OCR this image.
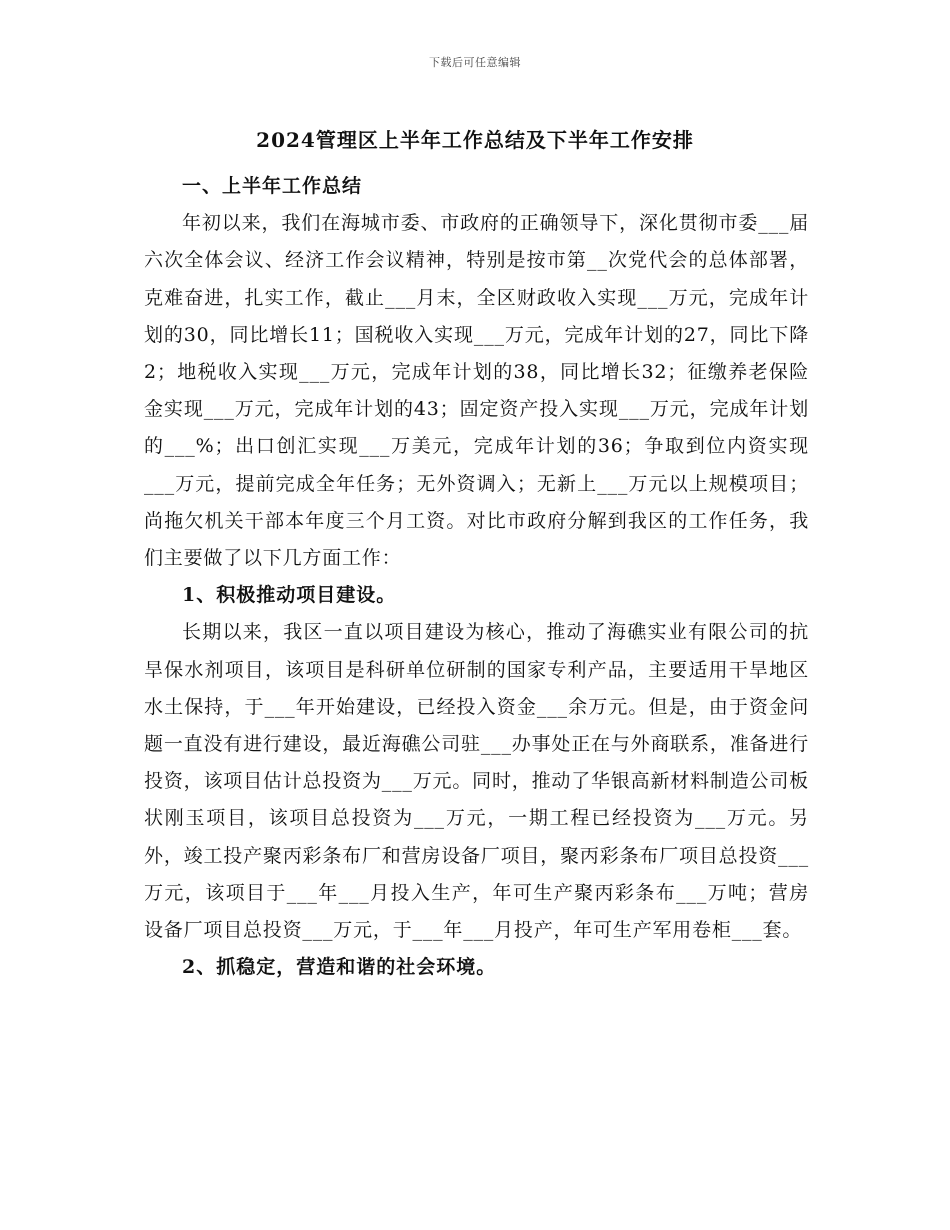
下载后可任意编辑
2024管理区上半年工作总结及下半年工作安排
一、上半年工作总结

年初以来，我们在海城市委、市政府的正确领导下，深化贯彻市委___届六次全体会议、经济工作会议精神，特别是按市第__次党代会的总体部署，克难奋进，扎实工作，截止___月末，全区财政收入实现___万元，完成年计划的30，同比增长11；国税收入实现___万元，完成年计划的27，同比下降2；地税收入实现___万元，完成年计划的38，同比增长32；征缴养老保险金实现___万元，完成年计划的43；固定资产投入实现___万元，完成年计划的___%；出口创汇实现___万美元，完成年计划的36；争取到位内资实现___万元，提前完成全年任务；无外资调入；无新上___万元以上规模项目；尚拖欠机关干部本年度三个月工资。对比市政府分解到我区的工作任务，我们主要做了以下几方面工作：

1、积极推动项目建设。

长期以来，我区一直以项目建设为核心，推动了海礁实业有限公司的抗旱保水剂项目，该项目是科研单位研制的国家专利产品，主要适用干旱地区水土保持，于___年开始建设，已经投入资金___余万元。但是，由于资金问题一直没有进行建设，最近海礁公司驻___办事处正在与外商联系，准备进行投资，该项目估计总投资为___万元。同时，推动了华银高新材料制造公司板状刚玉项目，该项目总投资为___万元，一期工程已经投资为___万元。另外，竣工投产聚丙彩条布厂和营房设备厂项目，聚丙彩条布厂项目总投资___万元，该项目于___年___月投入生产，年可生产聚丙彩条布___万吨；营房设备厂项目总投资___万元，于___年___月投产，年可生产军用卷柜___套。

2、抓稳定，营造和谐的社会环境。
